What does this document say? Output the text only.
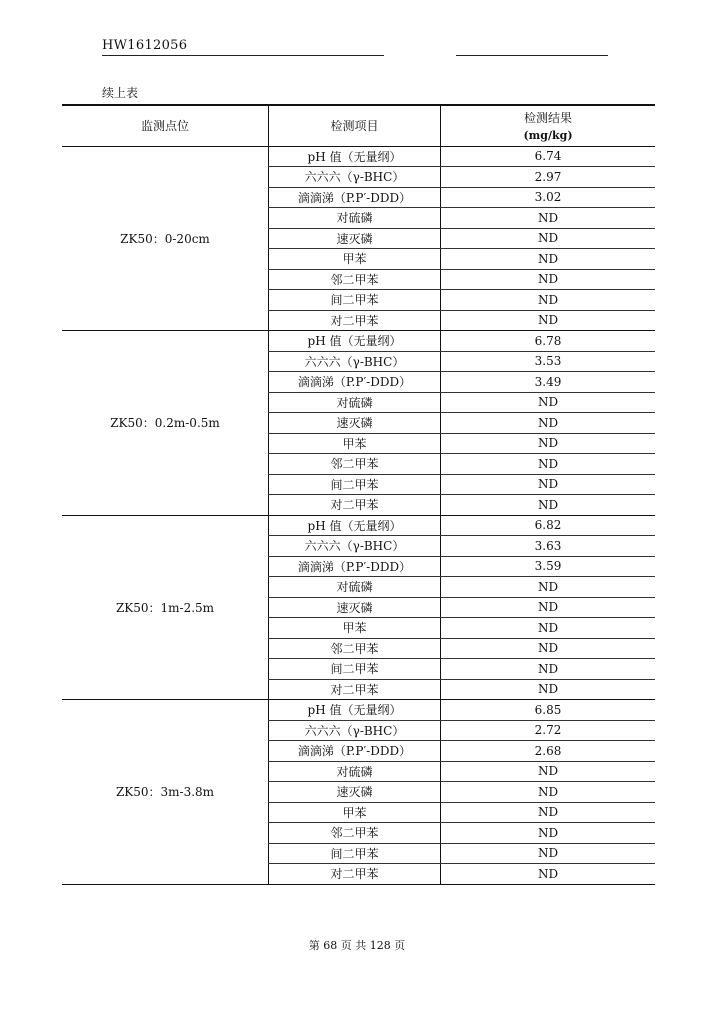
HW1612056
续上表
监测点位	检测项目	检测结果
(mg/kg)

ZK50：0-20cm	pH 值（无量纲）	6.74
	六六六（γ-BHC）	2.97
	滴滴涕（P.P′-DDD）	3.02
	对硫磷	ND
	速灭磷	ND
	甲苯	ND
	邻二甲苯	ND
	间二甲苯	ND
	对二甲苯	ND
ZK50：0.2m-0.5m	pH 值（无量纲）	6.78
	六六六（γ-BHC）	3.53
	滴滴涕（P.P′-DDD）	3.49
	对硫磷	ND
	速灭磷	ND
	甲苯	ND
	邻二甲苯	ND
	间二甲苯	ND
	对二甲苯	ND
ZK50：1m-2.5m	pH 值（无量纲）	6.82
	六六六（γ-BHC）	3.63
	滴滴涕（P.P′-DDD）	3.59
	对硫磷	ND
	速灭磷	ND
	甲苯	ND
	邻二甲苯	ND
	间二甲苯	ND
	对二甲苯	ND
ZK50：3m-3.8m	pH 值（无量纲）	6.85
	六六六（γ-BHC）	2.72
	滴滴涕（P.P′-DDD）	2.68
	对硫磷	ND
	速灭磷	ND
	甲苯	ND
	邻二甲苯	ND
	间二甲苯	ND
	对二甲苯	ND
第 68 页 共 128 页
